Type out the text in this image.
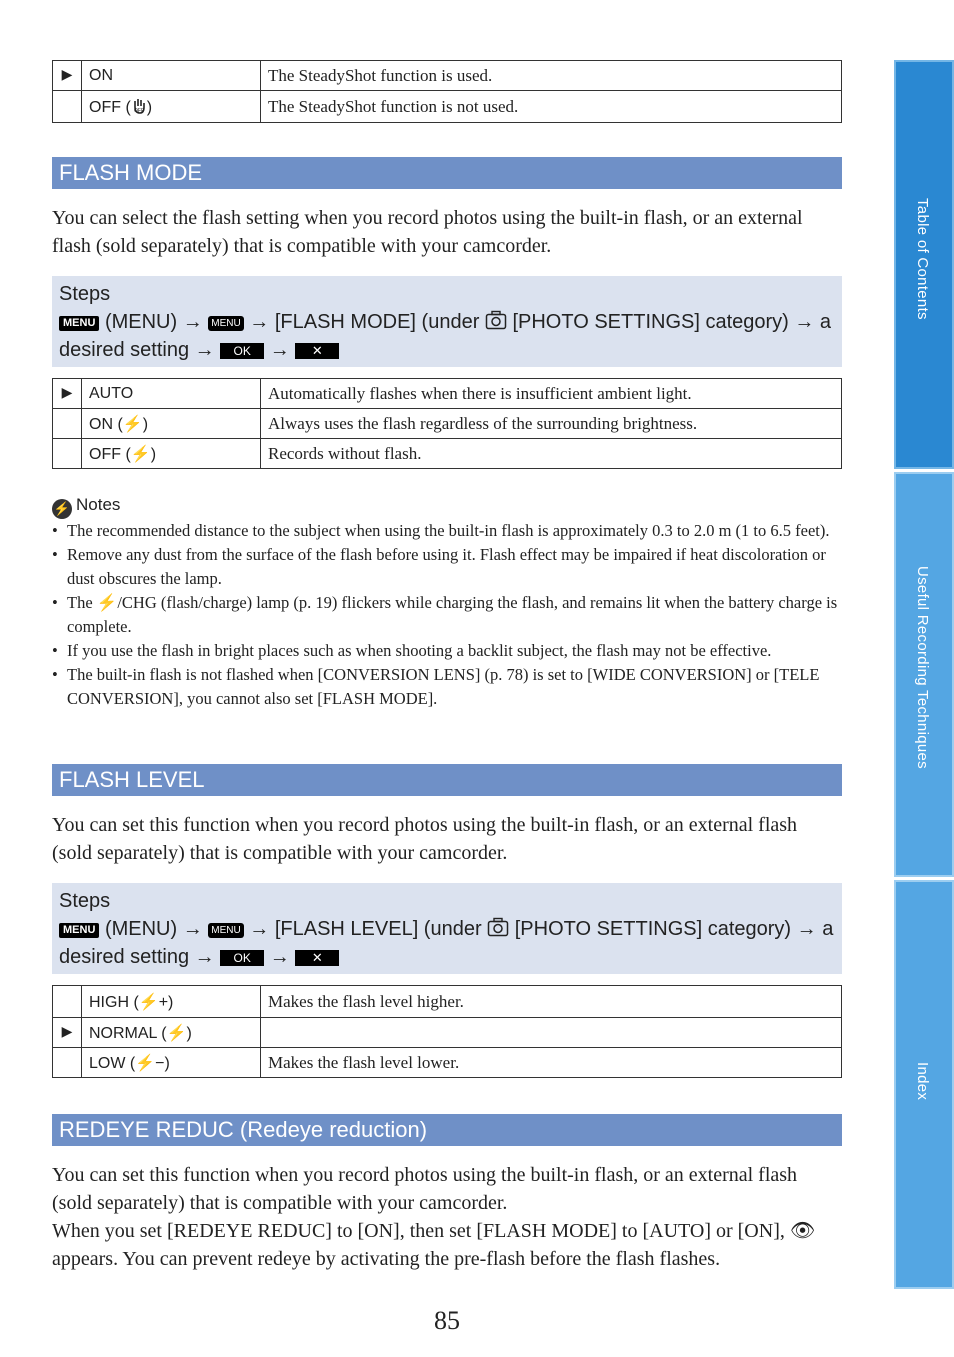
▶	ON	The SteadyShot function is used.
	OFF ( OFF )	The SteadyShot function is not used.
FLASH MODE
You can select the flash setting when you record photos using the built-in flash, or an external flash (sold separately) that is compatible with your camcorder.
Steps
MENU (MENU) → MENU → [FLASH MODE] (under  [PHOTO SETTINGS] category) → a desired setting → OK → ✕
▶	AUTO	Automatically flashes when there is insufficient ambient light.
	ON (⚡)	Always uses the flash regardless of the surrounding brightness.
	OFF (⚡)	Records without flash.
⚡ Notes
• The recommended distance to the subject when using the built-in flash is approximately 0.3 to 2.0 m (1 to 6.5 feet).
• Remove any dust from the surface of the flash before using it. Flash effect may be impaired if heat discoloration or dust obscures the lamp.
• The ⚡/CHG (flash/charge) lamp (p. 19) flickers while charging the flash, and remains lit when the battery charge is complete.
• If you use the flash in bright places such as when shooting a backlit subject, the flash may not be effective.
• The built-in flash is not flashed when [CONVERSION LENS] (p. 78) is set to [WIDE CONVERSION] or [TELE CONVERSION], you cannot also set [FLASH MODE].
FLASH LEVEL
You can set this function when you record photos using the built-in flash, or an external flash (sold separately) that is compatible with your camcorder.
Steps
MENU (MENU) → MENU → [FLASH LEVEL] (under  [PHOTO SETTINGS] category) → a desired setting → OK → ✕
	HIGH (⚡+)	Makes the flash level higher.
▶	NORMAL (⚡)	
	LOW (⚡−)	Makes the flash level lower.
REDEYE REDUC (Redeye reduction)
You can set this function when you record photos using the built-in flash, or an external flash (sold separately) that is compatible with your camcorder.
When you set [REDEYE REDUC] to [ON], then set [FLASH MODE] to [AUTO] or [ON], 👁 appears. You can prevent redeye by activating the pre-flash before the flash flashes.
85
Table of Contents
Useful Recording Techniques
Index
